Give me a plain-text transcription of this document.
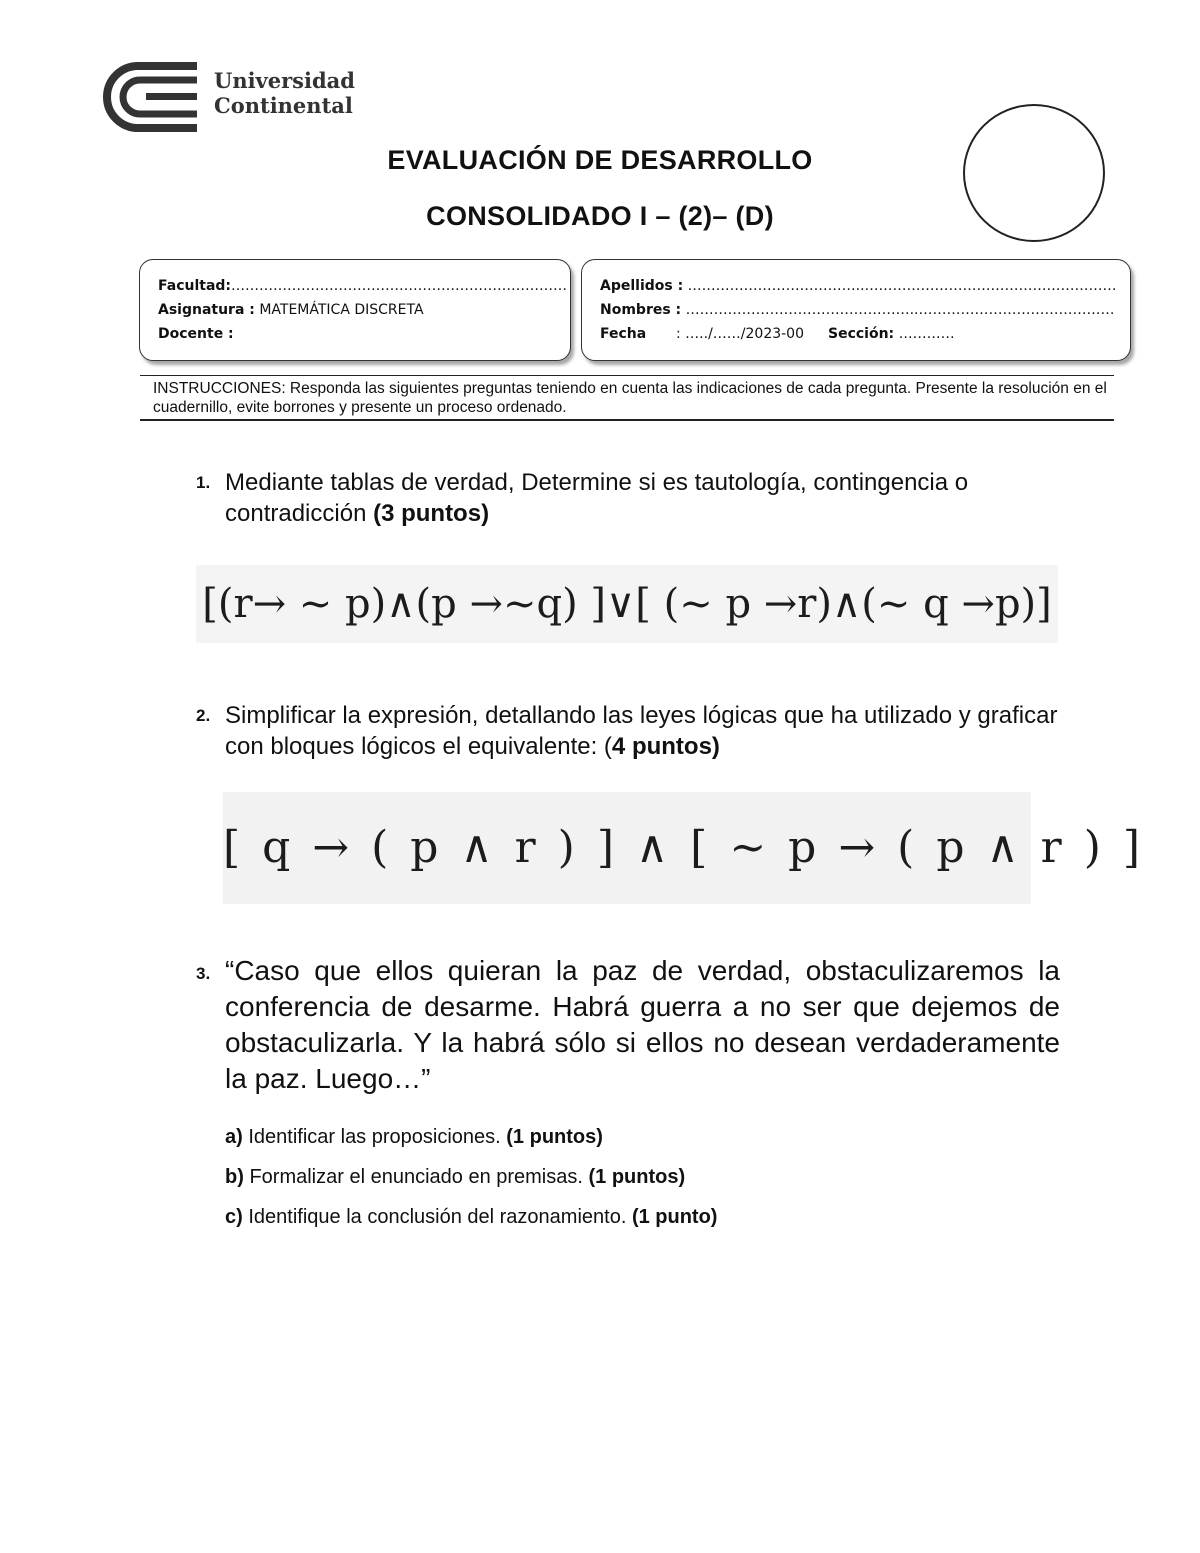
Universidad
Continental
EVALUACIÓN DE DESARROLLO
CONSOLIDADO I – (2)– (D)
Facultad:………………………………………………………………
Asignatura : MATEMÁTICA DISCRETA
Docente :
Apellidos : ………………………………..………………………………………………
Nombres : …………………………………………..……………………………………
Fecha : …../……/2023-00 Sección: …………
INSTRUCCIONES: Responda las siguientes preguntas teniendo en cuenta las indicaciones de cada pregunta. Presente la resolución en el cuadernillo, evite borrones y presente un proceso ordenado.
1. Mediante tablas de verdad, Determine si es tautología, contingencia o contradicción (3 puntos)
[(r→ ~ p)∧(p →~q) ]∨[ (~ p →r)∧(~ q →p)]
2. Simplificar la expresión, detallando las leyes lógicas que ha utilizado y graficar con bloques lógicos el equivalente: (4 puntos)
[ q → ( p ∧ r ) ] ∧ [ ~ p → ( p ∧ r ) ]
3. “Caso que ellos quieran la paz de verdad, obstaculizaremos la conferencia de desarme. Habrá guerra a no ser que dejemos de obstaculizarla. Y la habrá sólo si ellos no desean verdaderamente la paz. Luego…”
a) Identificar las proposiciones. (1 puntos)
b) Formalizar el enunciado en premisas. (1 puntos)
c) Identifique la conclusión del razonamiento. (1 punto)
